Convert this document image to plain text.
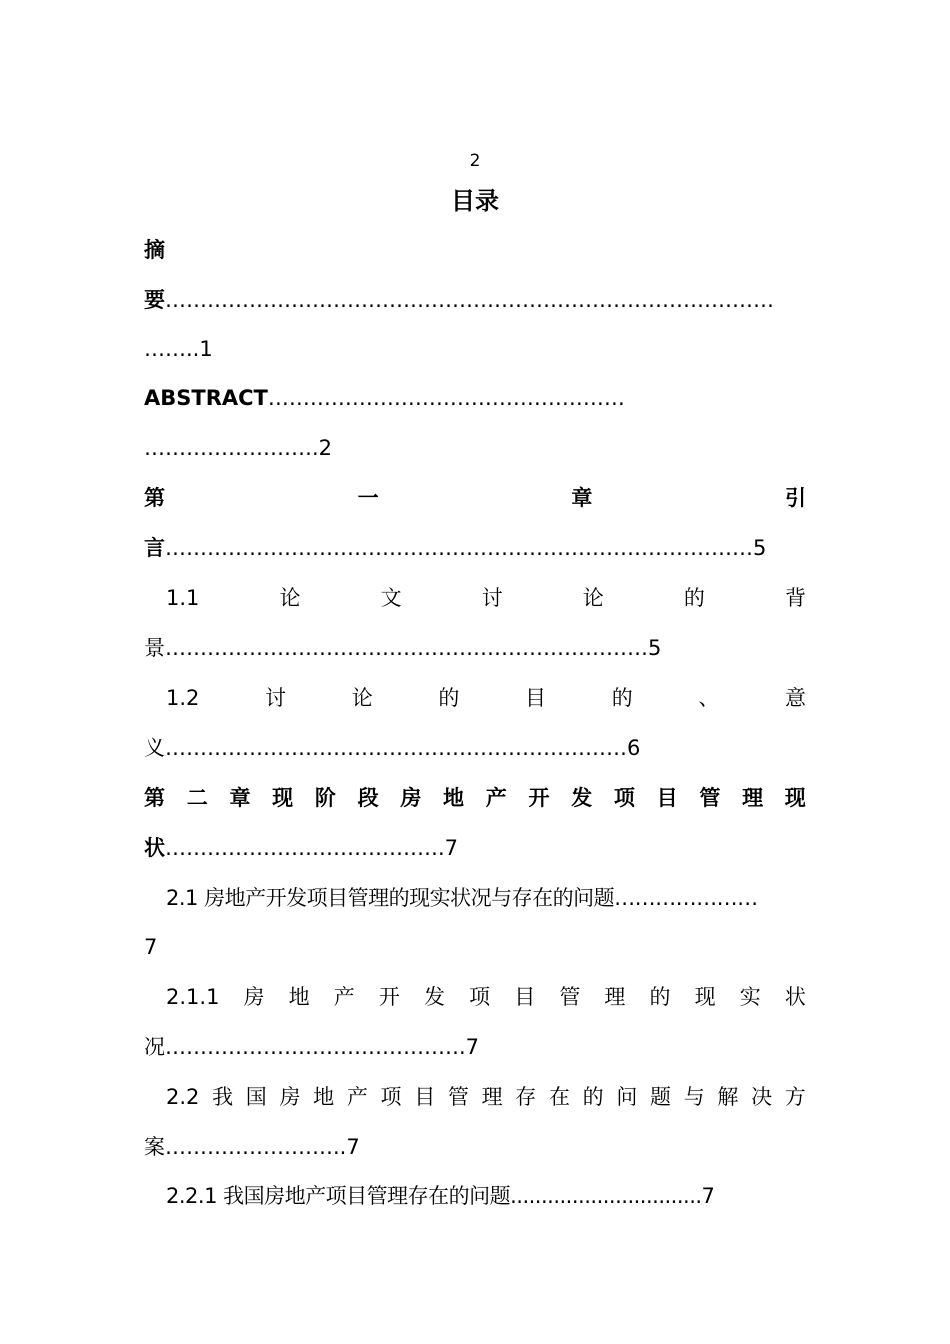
2
目录
摘
要……………………………………………………………………………
……..1
ABSTRACT……………………………………………
…………………….2
第	一	章	引
言…………………………………………………………………………5
1.1	论	文	讨	论	的	背
景……………………………………………………………5
1.2	讨	论	的	目	的	、	意
义…………………………………………………………6
第 二 章 现 阶 段 房 地 产 开 发 项 目 管 理 现
状………………………………….7
2.1 房地产开发项目管理的现实状况与存在的问题…………………
7
2.1.1 房 地 产 开 发 项 目 管 理 的 现 实 状
况…………………………………….7
2.2 我 国 房 地 产 项 目 管 理 存 在 的 问 题 与 解 决 方
案……………………..7
2.2.1 我国房地产项目管理存在的问题...............................7
